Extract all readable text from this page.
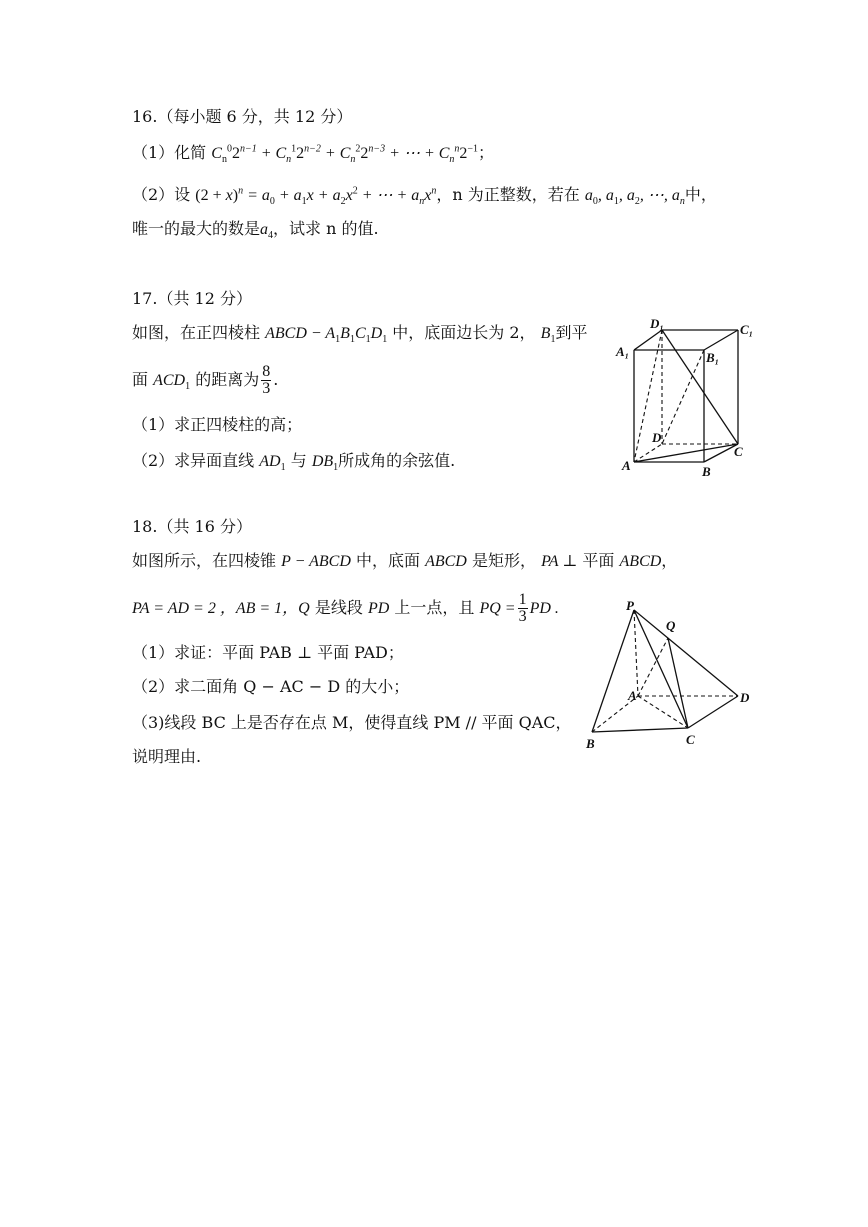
16.（每小题 6 分，共 12 分）
（1）化简 $C_n^02^{n-1} + C_n^12^{n-2} + C_n^22^{n-3}$ + ⋯ + $C_n^n2^{-1}$；
（2）设 $(2 + x)^n = a_0 + a_1x + a_2x^2$ + ⋯ + $a_nx^n$，n 为正整数，若在 $a_0$, $a_1$, $a_2$, ⋯, $a_n$中，
唯一的最大的数是$a_4$，试求 n 的值.
17.（共 12 分）
如图，在正四棱柱 ABCD − $A_1B_1C_1D_1$ 中，底面边长为 2， $B_1$到平
面 $ACD_1$ 的距离为 $\frac{8}{3}$ .
（1）求正四棱柱的高；
（2）求异面直线 $AD_1$ 与 $DB_1$所成角的余弦值.
D₁	C₁
A₁	B₁
D
C
A	B
18.（共 16 分）
如图所示，在四棱锥 P − ABCD 中，底面 ABCD 是矩形， PA ⊥ 平面 ABCD，
PA = AD = 2 ，AB = 1，Q 是线段 PD 上一点，且 PQ = $\frac{1}{3}$ PD .
（1）求证：平面 PAB ⊥ 平面 PAD；
（2）求二面角 Q − AC − D 的大小；
（3)线段 BC 上是否存在点 M，使得直线 PM // 平面 QAC，
说明理由.
P
Q
A	D
B	C
